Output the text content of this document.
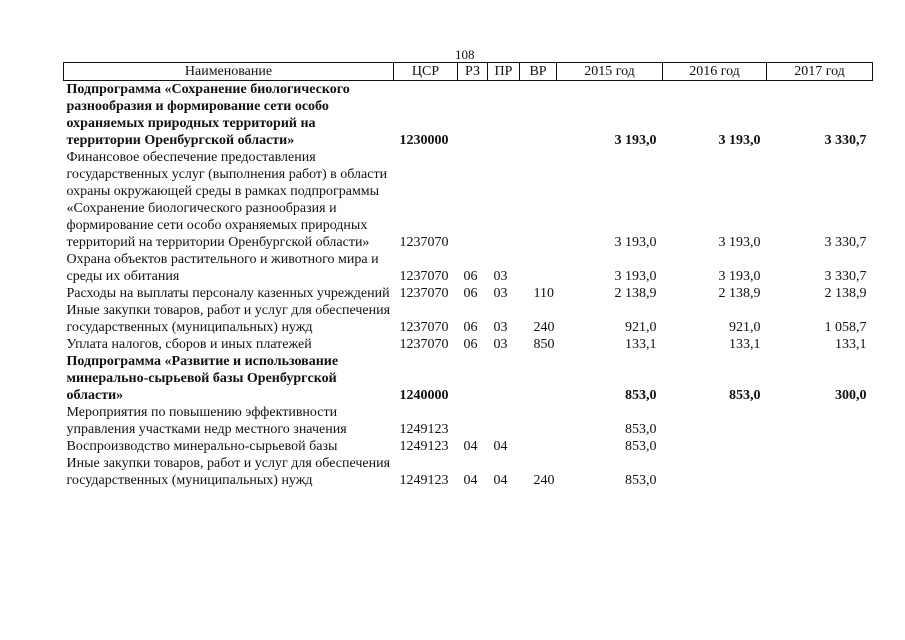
108
Наименование	ЦСР	РЗ	ПР	ВР	2015 год	2016 год	2017 год
Подпрограмма «Сохранение биологического разнообразия и формирование сети особо охраняемых природных территорий на территории Оренбургской области»	1230000				3 193,0	3 193,0	3 330,7
Финансовое обеспечение предоставления государственных услуг (выполнения работ) в области охраны окружающей среды в рамках подпрограммы «Сохранение биологического разнообразия и формирование сети особо охраняемых природных территорий на территории Оренбургской области»	1237070				3 193,0	3 193,0	3 330,7
Охрана объектов растительного и животного мира и среды их обитания	1237070	06	03		3 193,0	3 193,0	3 330,7
Расходы на выплаты персоналу казенных учреждений	1237070	06	03	110	2 138,9	2 138,9	2 138,9
Иные закупки товаров, работ и услуг для обеспечения государственных (муниципальных) нужд	1237070	06	03	240	921,0	921,0	1 058,7
Уплата налогов, сборов и иных платежей	1237070	06	03	850	133,1	133,1	133,1
Подпрограмма «Развитие и использование минерально-сырьевой базы Оренбургской области»	1240000				853,0	853,0	300,0
Мероприятия по повышению эффективности управления участками недр местного значения	1249123				853,0		
Воспроизводство минерально-сырьевой базы	1249123	04	04		853,0		
Иные закупки товаров, работ и услуг для обеспечения государственных (муниципальных) нужд	1249123	04	04	240	853,0		
